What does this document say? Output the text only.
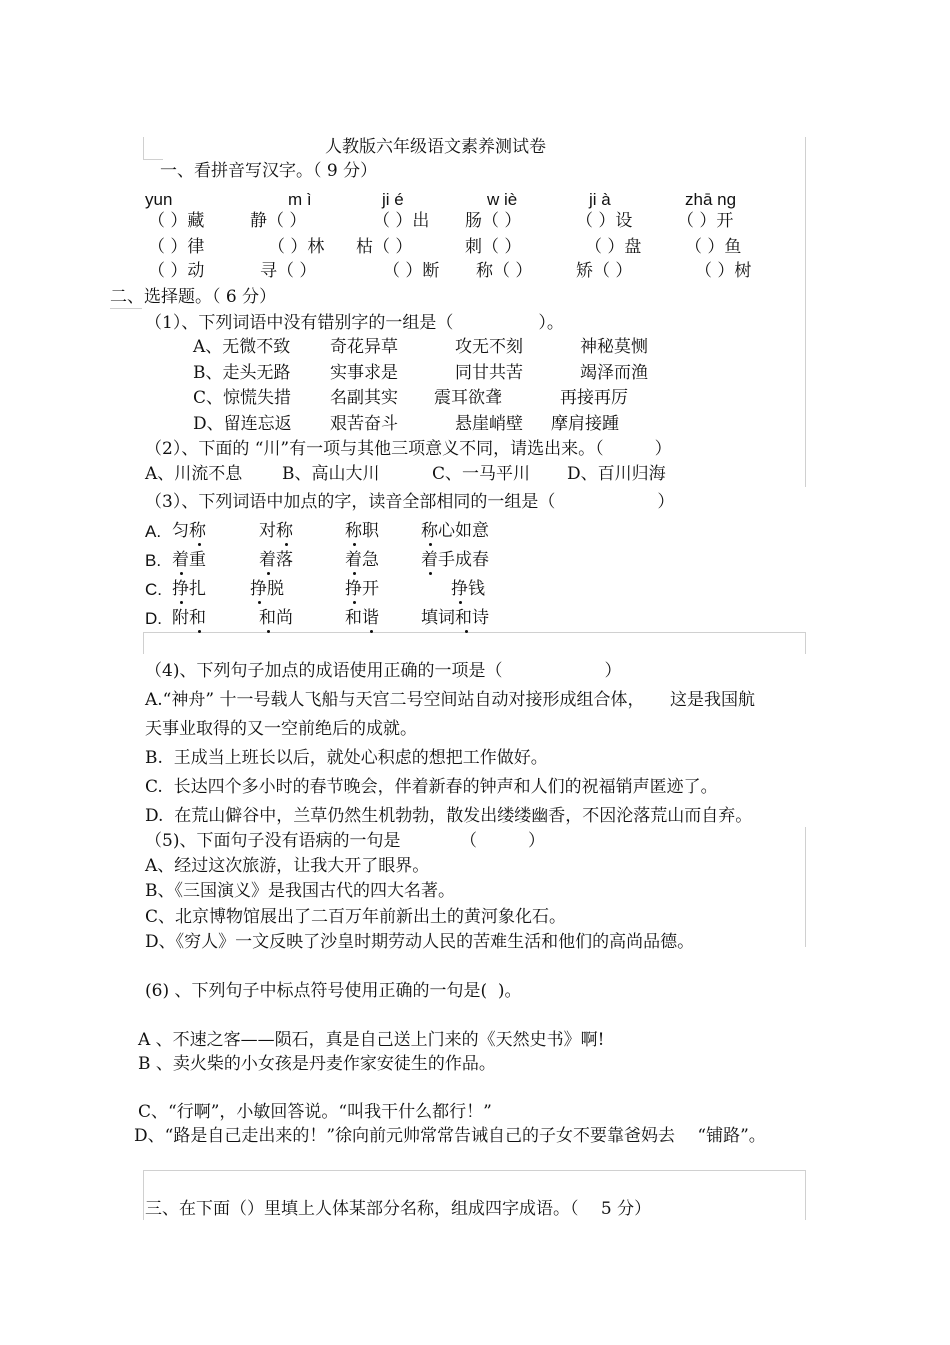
人教版六年级语文素养测试卷
一、看拼音写汉字。（ 9 分）
yun	m ì	ji é	w iè	ji à	zhā ng
（ ）藏	静（ ）	（ ）出 肠（ ）	（ ）设	（ ）开
（ ）律	（ ）林 枯（ ）	刺（ ）	（ ）盘	（ ）鱼
（ ）动	寻（ ）	（ ）断 称（ ）	矫（ ）	（ ）树
二、选择题。（ 6 分）
（1）、下列词语中没有错别字的一组是（　　　　　）。
A、无微不致 奇花异草	攻无不刻	神秘莫恻
B、走头无路 实事求是	同甘共苦	竭泽而渔
C、惊慌失措 名副其实 震耳欲聋	再接再厉
D、留连忘返 艰苦奋斗	悬崖峭壁 摩肩接踵
（2）、下面的 “川”有一项与其他三项意义不同，请选出来。（　　　）
A、川流不息 B、高山大川	C、一马平川 D、百川归海
（3）、下列词语中加点的字，读音全部相同的一组是（　　　　　　）
A. 匀称	对称	称职 称心如意
B. 着重	着落	着急 着手成春
C. 挣扎	挣脱	挣开	挣钱
D. 附和	和尚	和谐 填词和诗
（4)、下列句子加点的成语使用正确的一项是（　　　　　　）
A.“神舟” 十一号载人飞船与天宫二号空间站自动对接形成组合体，　　这是我国航
天事业取得的又一空前绝后的成就。
B.  王成当上班长以后，就处心积虑的想把工作做好。
C.  长达四个多小时的春节晚会，伴着新春的钟声和人们的祝福销声匿迹了。
D.  在荒山僻谷中，兰草仍然生机勃勃，散发出缕缕幽香，不因沦落荒山而自弃。
（5)、下面句子没有语病的一句是　　　　（　　　）
A、经过这次旅游，让我大开了眼界。
B、《三国演义》是我国古代的四大名著。
C、北京博物馆展出了二百万年前新出土的黄河象化石。
D、《穷人》一文反映了沙皇时期劳动人民的苦难生活和他们的高尚品德。
(6) 、下列句子中标点符号使用正确的一句是(  )。
A 、不速之客——陨石，真是自己送上门来的《天然史书》啊!
B 、卖火柴的小女孩是丹麦作家安徒生的作品。
C、“行啊”，小敏回答说。“叫我干什么都行！”
D、“路是自己走出来的！”徐向前元帅常常告诫自己的子女不要靠爸妈去　 “铺路”。
三、在下面（）里填上人体某部分名称，组成四字成语。（　 5 分）
